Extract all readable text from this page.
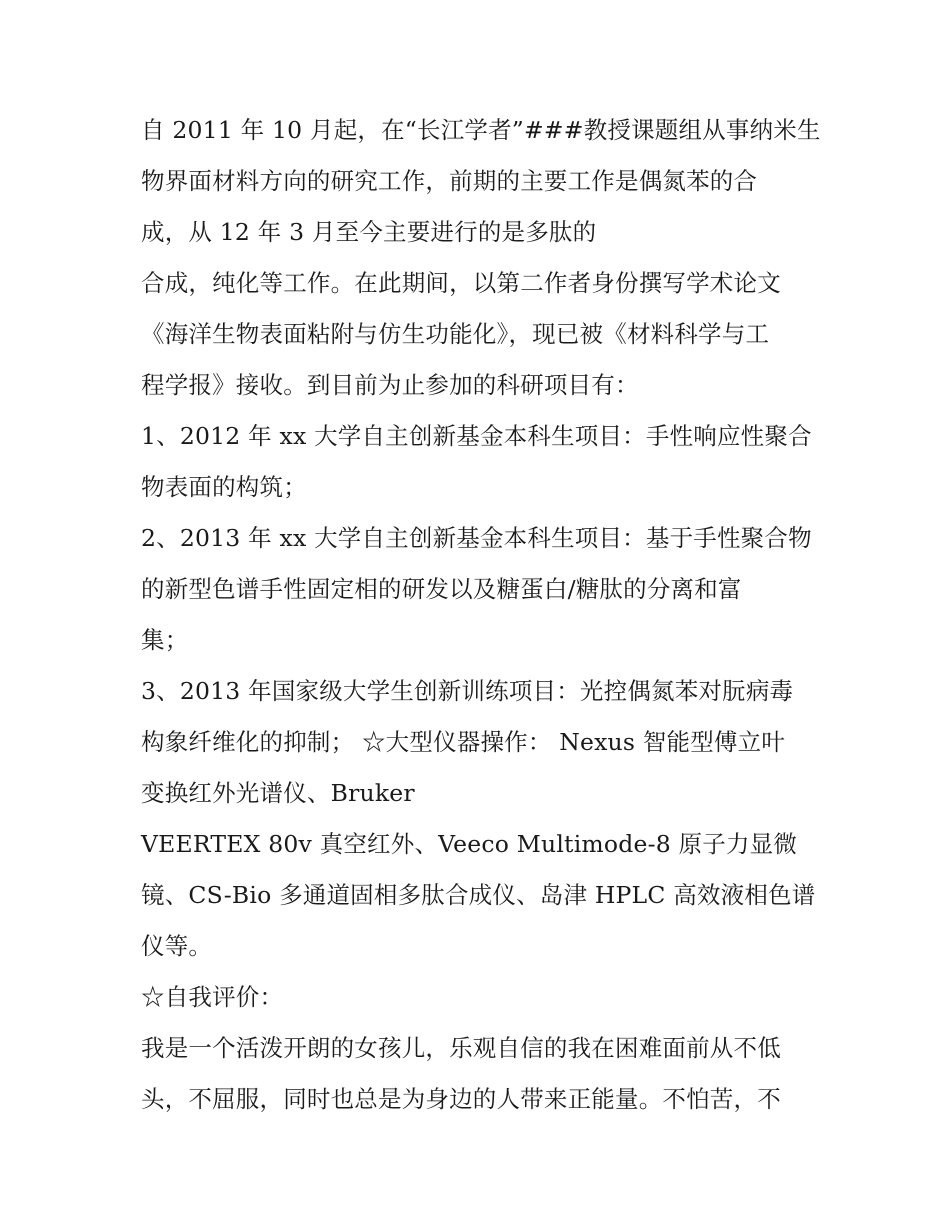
自 2011 年 10 月起，在“长江学者”###教授课题组从事纳米生
物界面材料方向的研究工作，前期的主要工作是偶氮苯的合
成，从 12 年 3 月至今主要进行的是多肽的
合成，纯化等工作。在此期间，以第二作者身份撰写学术论文
《海洋生物表面粘附与仿生功能化》，现已被《材料科学与工
程学报》接收。到目前为止参加的科研项目有：
1、2012 年 xx 大学自主创新基金本科生项目：手性响应性聚合
物表面的构筑；
2、2013 年 xx 大学自主创新基金本科生项目：基于手性聚合物
的新型色谱手性固定相的研发以及糖蛋白/糖肽的分离和富
集；
3、2013 年国家级大学生创新训练项目：光控偶氮苯对朊病毒
构象纤维化的抑制； ☆大型仪器操作： Nexus 智能型傅立叶
变换红外光谱仪、Bruker
VEERTEX 80v 真空红外、Veeco Multimode-8 原子力显微
镜、CS-Bio 多通道固相多肽合成仪、岛津 HPLC 高效液相色谱
仪等。
☆自我评价：
我是一个活泼开朗的女孩儿，乐观自信的我在困难面前从不低
头，不屈服，同时也总是为身边的人带来正能量。不怕苦，不
